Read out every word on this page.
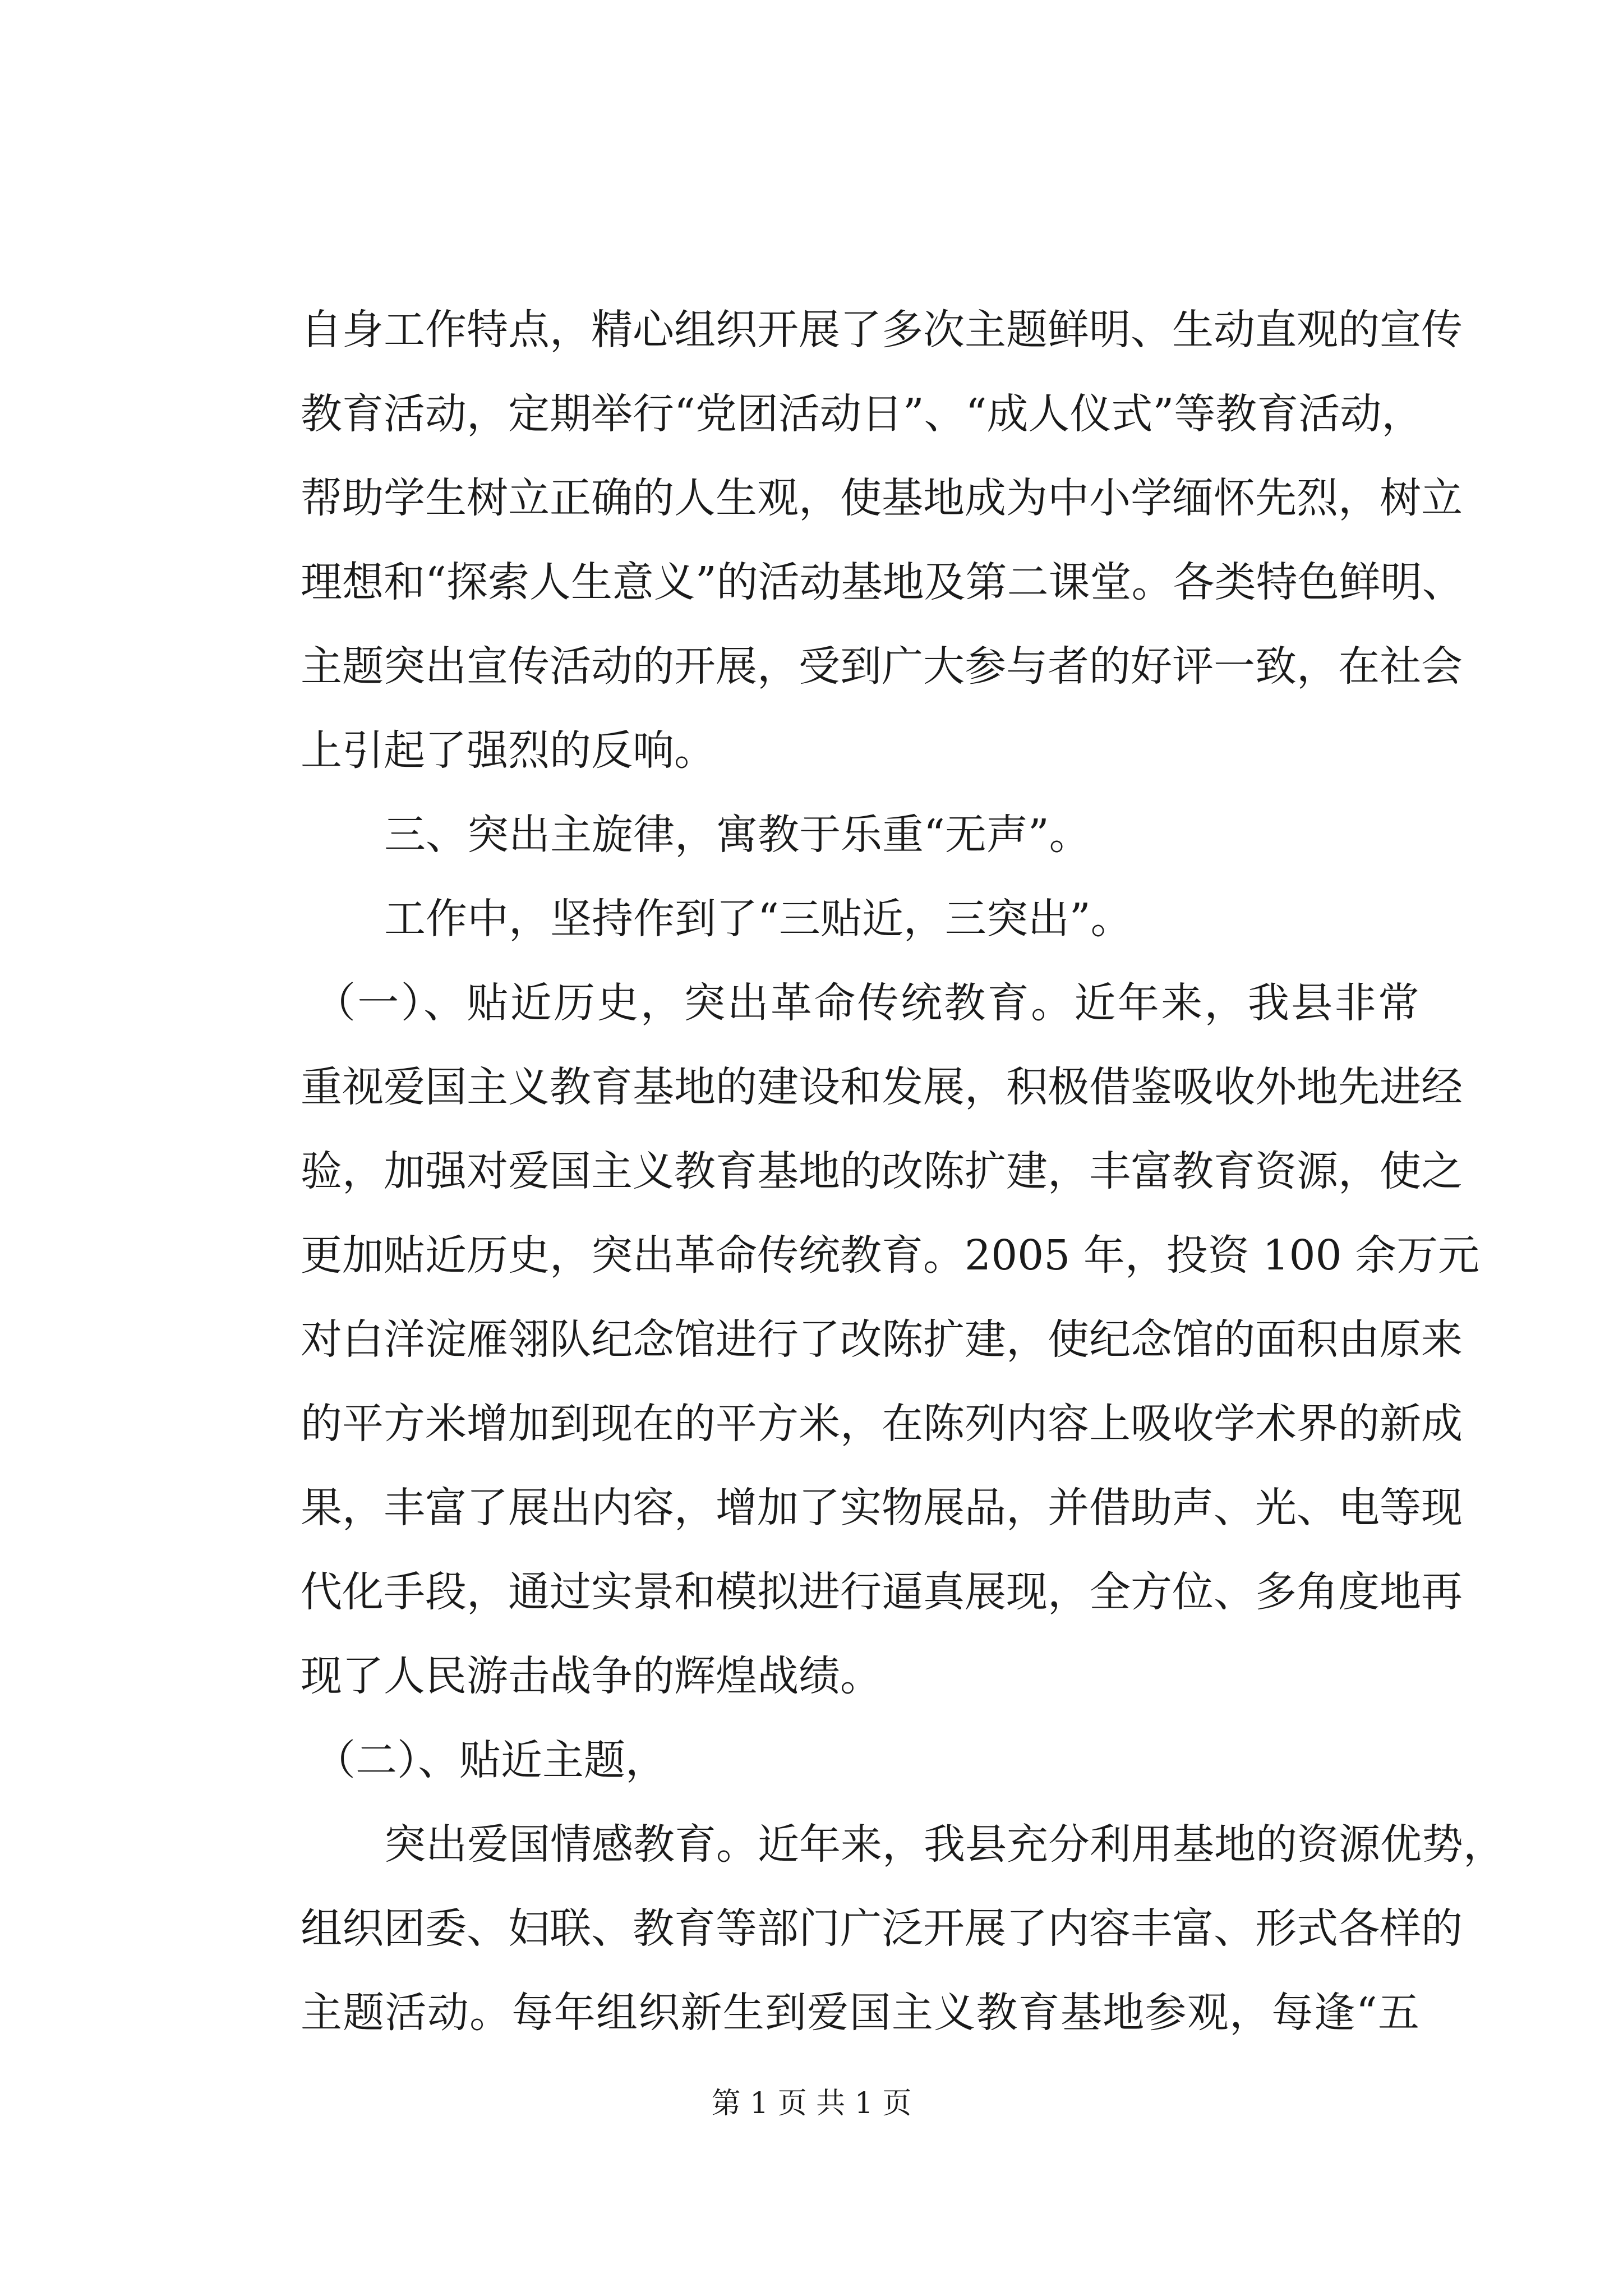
自身工作特点，精心组织开展了多次主题鲜明、生动直观的宣传
教育活动，定期举行“党团活动日”、“成人仪式”等教育活动，
帮助学生树立正确的人生观，使基地成为中小学缅怀先烈，树立
理想和“探索人生意义”的活动基地及第二课堂。各类特色鲜明、
主题突出宣传活动的开展，受到广大参与者的好评一致，在社会
上引起了强烈的反响。
三、突出主旋律，寓教于乐重“无声”。
工作中，坚持作到了“三贴近，三突出”。
（一）、贴近历史，突出革命传统教育。近年来，我县非常
重视爱国主义教育基地的建设和发展，积极借鉴吸收外地先进经
验，加强对爱国主义教育基地的改陈扩建，丰富教育资源，使之
更加贴近历史，突出革命传统教育。2005 年，投资 100 余万元
对白洋淀雁翎队纪念馆进行了改陈扩建，使纪念馆的面积由原来
的平方米增加到现在的平方米，在陈列内容上吸收学术界的新成
果，丰富了展出内容，增加了实物展品，并借助声、光、电等现
代化手段，通过实景和模拟进行逼真展现，全方位、多角度地再
现了人民游击战争的辉煌战绩。
（二）、贴近主题，
突出爱国情感教育。近年来，我县充分利用基地的资源优势，
组织团委、妇联、教育等部门广泛开展了内容丰富、形式各样的
主题活动。每年组织新生到爱国主义教育基地参观，每逢“五
第 1 页 共 1 页
